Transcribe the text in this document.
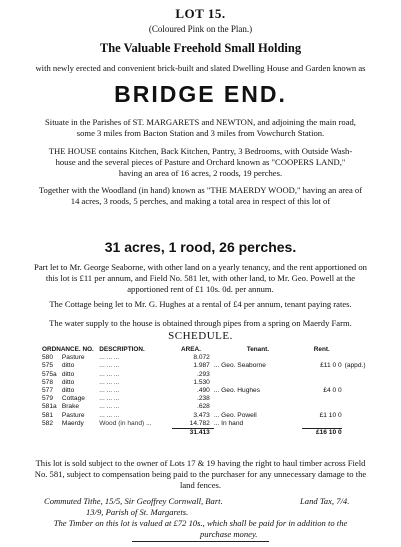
LOT 15.
(Coloured Pink on the Plan.)
The Valuable Freehold Small Holding
with newly erected and convenient brick-built and slated Dwelling House and Garden known as
BRIDGE END.
Situate in the Parishes of ST. MARGARETS and NEWTON, and adjoining the main road,
some 3 miles from Bacton Station and 3 miles from Vowchurch Station.
THE HOUSE contains Kitchen, Back Kitchen, Pantry, 3 Bedrooms, with Outside Wash-
house and the several pieces of Pasture and Orchard known as "COOPERS LAND,"
having an area of 16 acres, 2 roods, 19 perches.
Together with the Woodland (in hand) known as "THE MAERDY WOOD," having an area of
14 acres, 3 roods, 5 perches, and making a total area in respect of this lot of
31 acres, 1 rood, 26 perches.
Part let to Mr. George Seaborne, with other land on a yearly tenancy, and the rent apportioned on
this lot is £11 per annum, and Field No. 581 let, with other land, to Mr. Geo. Powell at the
apportioned rent of £1 10s. 0d. per annum.
The Cottage being let to Mr. G. Hughes at a rental of £4 per annum, tenant paying rates.
SCHEDULE.
ORDNANCE. NO.		DESCRIPTION.	AREA.	Tenant.	Rent.	
580	Pasture	... ... ...	8.072			
575	ditto	... ... ...	1.987	... Geo. Seaborne	£11 0 0	(appd.)
575a	ditto	... ... ...	.293			
578	ditto	... ... ...	1.530			
577	ditto	... ... ...	.490	... Geo. Hughes	£4 0 0	
579	Cottage	... ... ...	.238			
581a	Brake	... ... ...	.628			
581	Pasture	... ... ...	3.473	... Geo. Powell	£1 10 0	
582	Maerdy	Wood (in hand) ...	14.782	... In hand		
			31.413		£16 10 0	
The water supply to the house is obtained through pipes from a spring on Maerdy Farm.
This lot is sold subject to the owner of Lots 17 & 19 having the right to haul timber across Field
No. 581, subject to compensation being paid to the purchaser for any unnecessary damage to the
land fences.
Commuted Tithe, 15/5, Sir Geoffrey Cornwall, Bart.	Land Tax, 7/4.
13/9, Parish of St. Margarets.
The Timber on this lot is valued at £72 10s., which shall be paid for in addition to the
purchase money.
